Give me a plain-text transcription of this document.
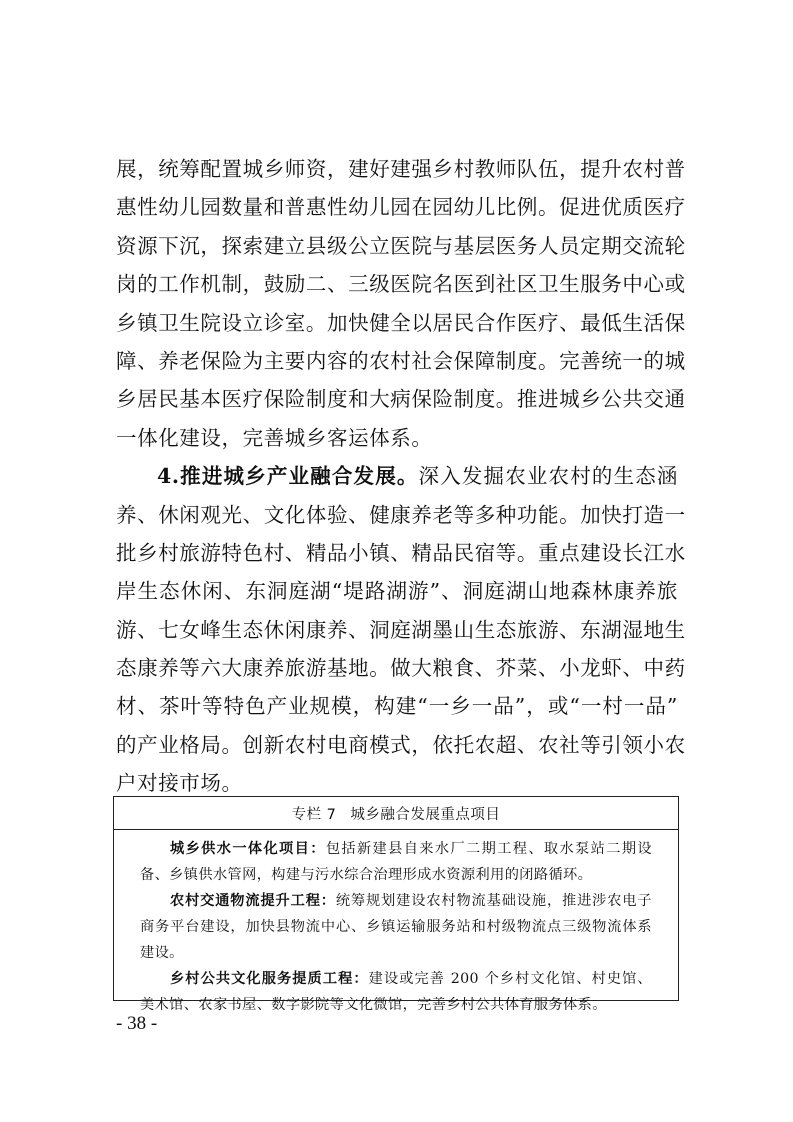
展，统筹配置城乡师资，建好建强乡村教师队伍，提升农村普
惠性幼儿园数量和普惠性幼儿园在园幼儿比例。促进优质医疗
资源下沉，探索建立县级公立医院与基层医务人员定期交流轮
岗的工作机制，鼓励二、三级医院名医到社区卫生服务中心或
乡镇卫生院设立诊室。加快健全以居民合作医疗、最低生活保
障、养老保险为主要内容的农村社会保障制度。完善统一的城
乡居民基本医疗保险制度和大病保险制度。推进城乡公共交通
一体化建设，完善城乡客运体系。
4.推进城乡产业融合发展。深入发掘农业农村的生态涵
养、休闲观光、文化体验、健康养老等多种功能。加快打造一
批乡村旅游特色村、精品小镇、精品民宿等。重点建设长江水
岸生态休闲、东洞庭湖“堤路湖游”、洞庭湖山地森林康养旅
游、七女峰生态休闲康养、洞庭湖墨山生态旅游、东湖湿地生
态康养等六大康养旅游基地。做大粮食、芥菜、小龙虾、中药
材、茶叶等特色产业规模，构建“一乡一品”，或“一村一品”
的产业格局。创新农村电商模式，依托农超、农社等引领小农
户对接市场。
专栏 7 城乡融合发展重点项目
城乡供水一体化项目：包括新建县自来水厂二期工程、取水泵站二期设
备、乡镇供水管网，构建与污水综合治理形成水资源利用的闭路循环。
农村交通物流提升工程：统筹规划建设农村物流基础设施，推进涉农电子
商务平台建设，加快县物流中心、乡镇运输服务站和村级物流点三级物流体系
建设。
乡村公共文化服务提质工程：建设或完善 200 个乡村文化馆、村史馆、
美术馆、农家书屋、数字影院等文化微馆，完善乡村公共体育服务体系。
- 38 -
